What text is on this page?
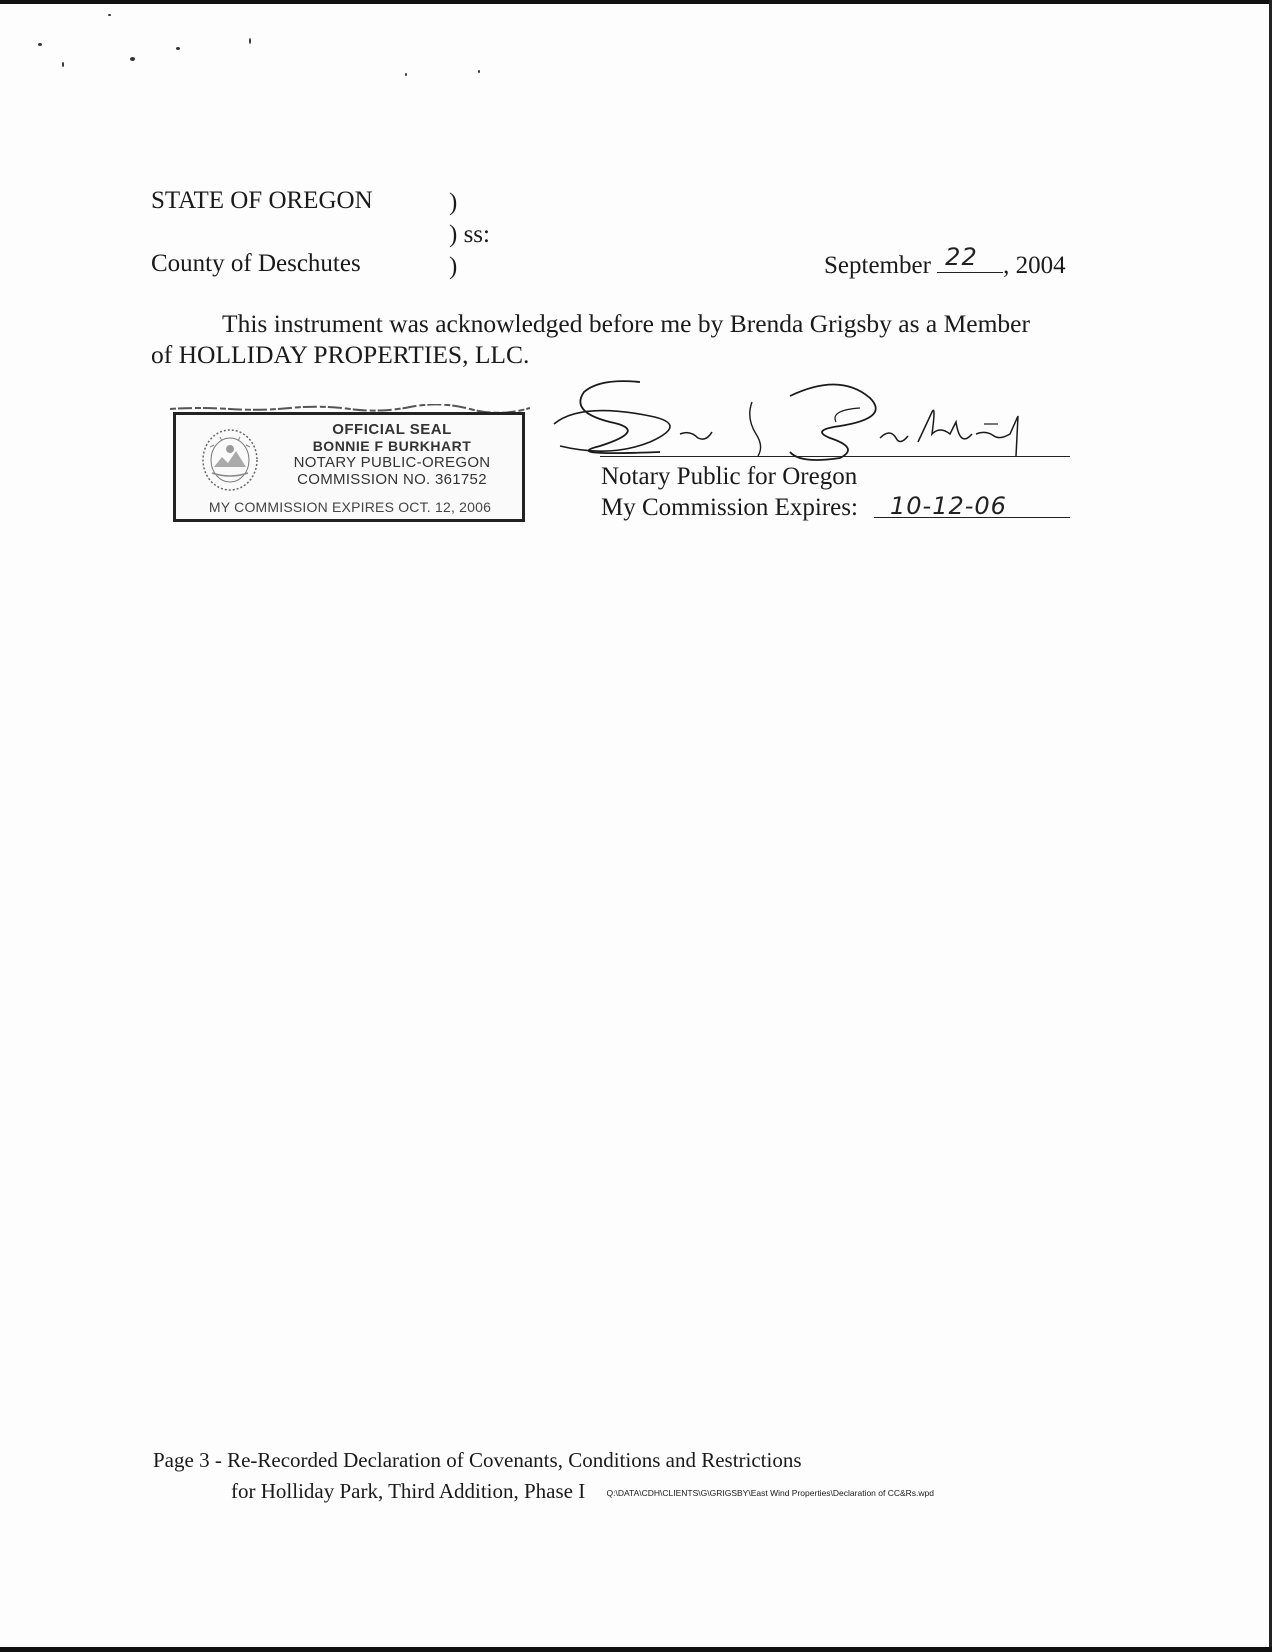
STATE OF OREGON
County of Deschutes
)
) ss:
)	September 22 , 2004
This instrument was acknowledged before me by Brenda Grigsby as a Member
of HOLLIDAY PROPERTIES, LLC.
OFFICIAL SEAL
BONNIE F BURKHART
NOTARY PUBLIC-OREGON
COMMISSION NO. 361752
MY COMMISSION EXPIRES OCT. 12, 2006
Notary Public for Oregon
My Commission Expires: 10-12-06
Page 3 - Re-Recorded Declaration of Covenants, Conditions and Restrictions
for Holliday Park, Third Addition, Phase I	Q:\DATA\CDH\CLIENTS\G\GRIGSBY\East Wind Properties\Declaration of CC&Rs.wpd
